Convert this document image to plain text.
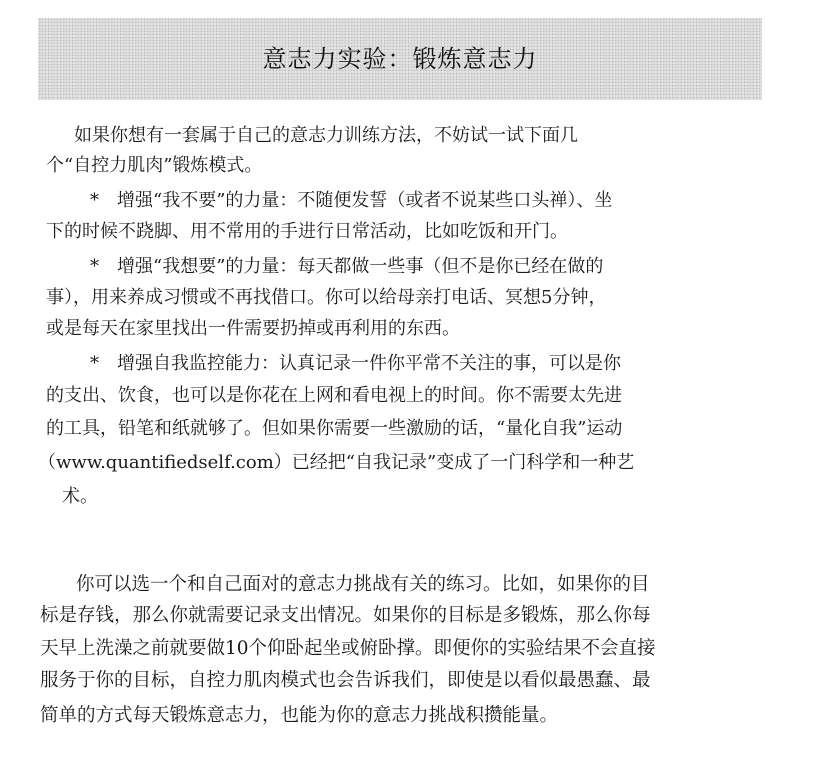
意志力实验：锻炼意志力
如果你想有一套属于自己的意志力训练方法，不妨试一试下面几
个“自控力肌肉”锻炼模式。
*　增强“我不要”的力量：不随便发誓（或者不说某些口头禅）、坐
下的时候不跷脚、用不常用的手进行日常活动，比如吃饭和开门。
*　增强“我想要”的力量：每天都做一些事（但不是你已经在做的
事），用来养成习惯或不再找借口。你可以给母亲打电话、冥想5分钟，
或是每天在家里找出一件需要扔掉或再利用的东西。
*　增强自我监控能力：认真记录一件你平常不关注的事，可以是你
的支出、饮食，也可以是你花在上网和看电视上的时间。你不需要太先进
的工具，铅笔和纸就够了。但如果你需要一些激励的话，“量化自我”运动
（www.quantifiedself.com）已经把“自我记录”变成了一门科学和一种艺
术。
你可以选一个和自己面对的意志力挑战有关的练习。比如，如果你的目
标是存钱，那么你就需要记录支出情况。如果你的目标是多锻炼，那么你每
天早上洗澡之前就要做10个仰卧起坐或俯卧撑。即便你的实验结果不会直接
服务于你的目标，自控力肌肉模式也会告诉我们，即使是以看似最愚蠢、最
简单的方式每天锻炼意志力，也能为你的意志力挑战积攒能量。
